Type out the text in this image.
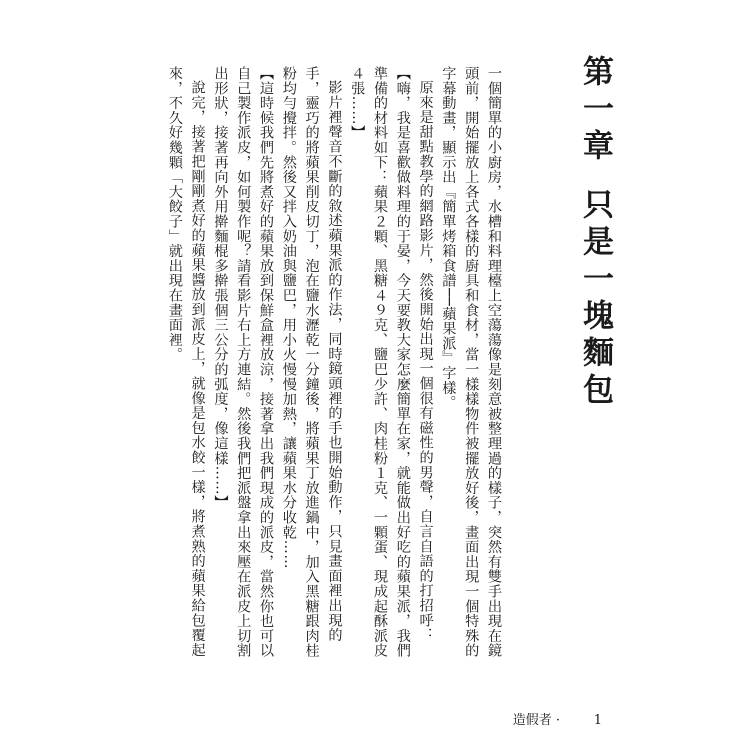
第一章只是一塊麵包

一個簡單的小廚房，水槽和料理檯上空蕩蕩像是刻意被整理過的樣子，突然有雙手出現在鏡頭前，開始擺放上各式各樣的廚具和食材，當一樣樣物件被擺放好後，畫面出現一個特殊的字幕動畫，顯示出『簡單烤箱食譜──蘋果派』字樣。

原來是甜點教學的網路影片，然後開始出現一個很有磁性的男聲，自言自語的打招呼：

【嗨，我是喜歡做料理的于晏，今天要教大家怎麼簡單在家，就能做出好吃的蘋果派，我們準備的材料如下：蘋果２顆、黑糖４９克、鹽巴少許、肉桂粉１克、一顆蛋、現成起酥派皮４張……】

影片裡聲音不斷的敘述蘋果派的作法，同時鏡頭裡的手也開始動作，只見畫面裡出現的手，靈巧的將蘋果削皮切丁，泡在鹽水瀝乾一分鐘後，將蘋果丁放進鍋中，加入黑糖跟肉桂粉均勻攪拌。然後又拌入奶油與鹽巴，用小火慢慢加熱，讓蘋果水分收乾……

【這時候我們先將煮好的蘋果放到保鮮盒裡放涼，接著拿出我們現成的派皮，當然你也可以自己製作派皮，如何製作呢？請看影片右上方連結。然後我們把派盤拿出來壓在派皮上切割出形狀，接著再向外用擀麵棍多擀張個三公分的弧度，像這樣……】

說完，接著把剛剛煮好的蘋果醬放到派皮上，就像是包水餃一樣，將煮熟的蘋果給包覆起來，不久好幾顆「大餃子」就出現在畫面裡。

造假者 ·	1
